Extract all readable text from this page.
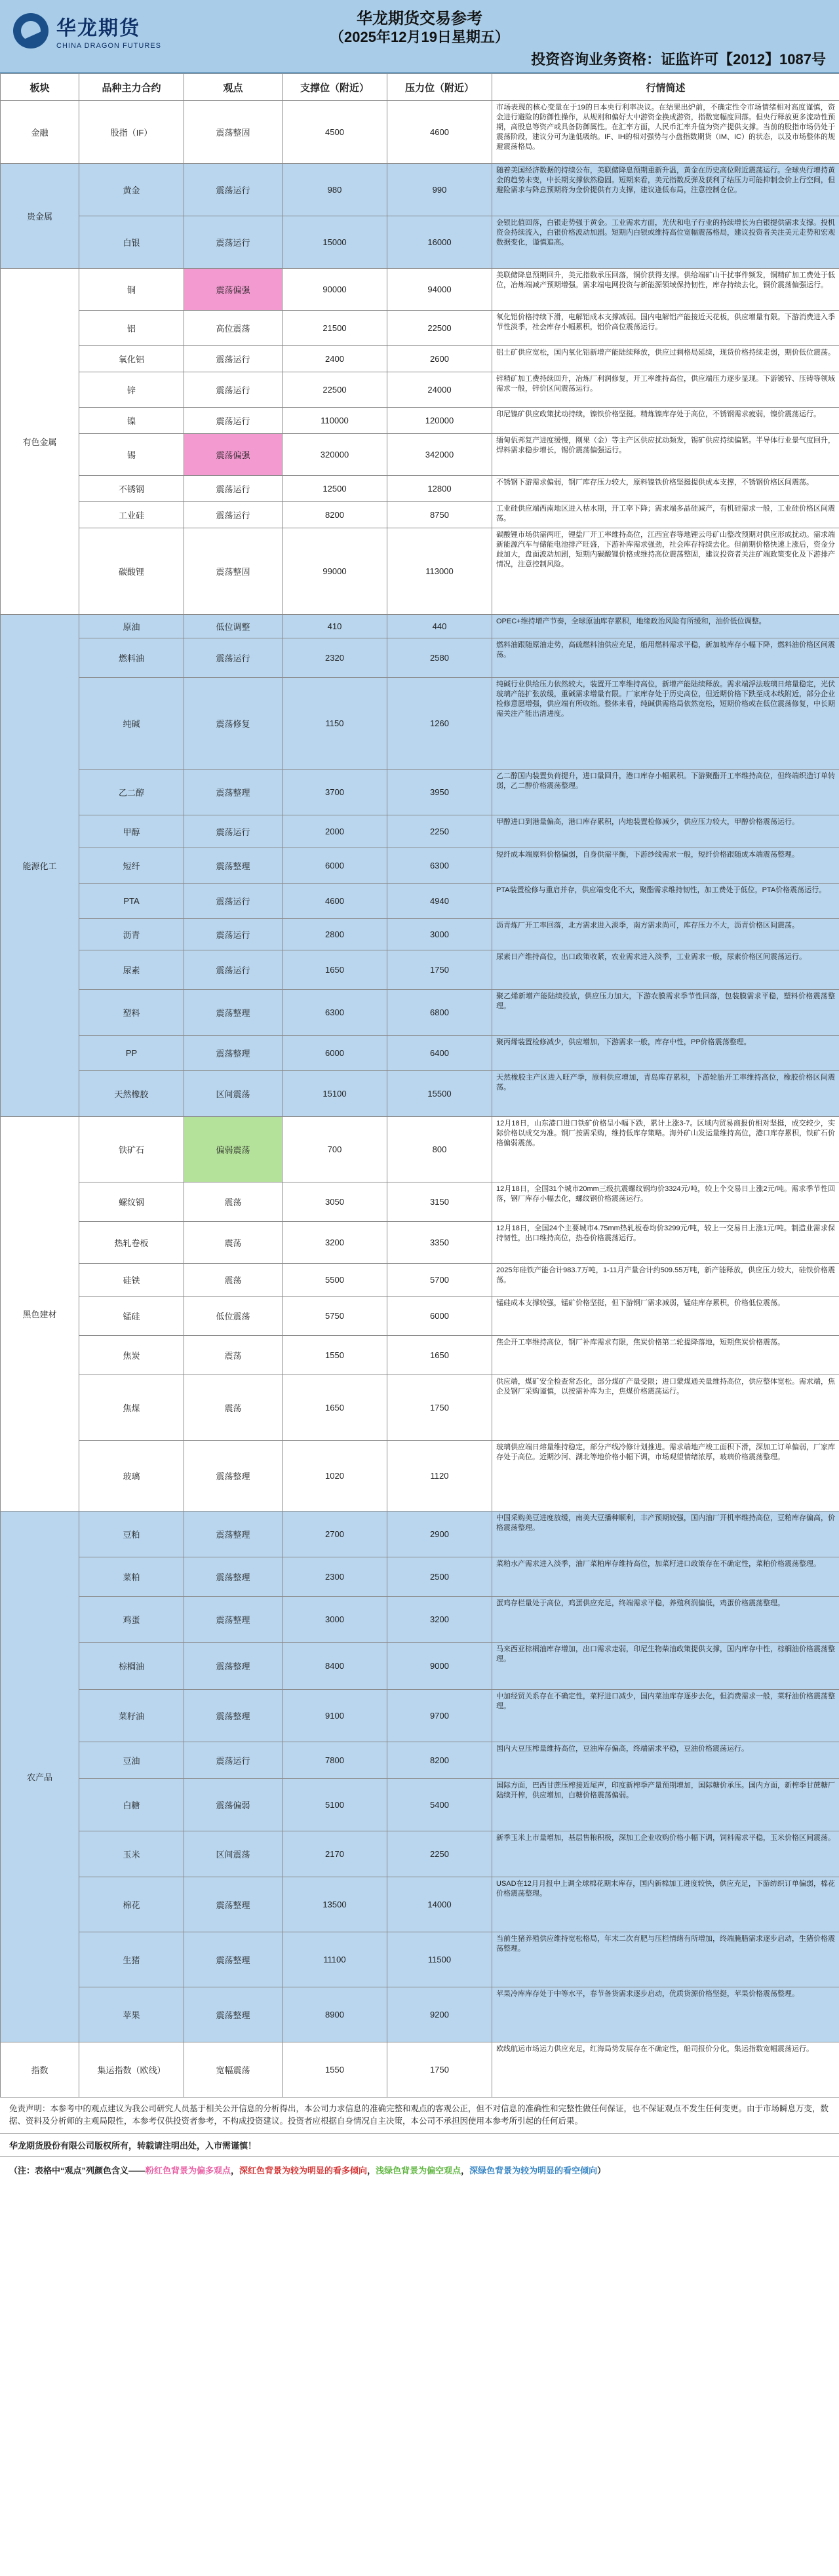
华龙期货
CHINA DRAGON FUTURES
华龙期货交易参考
（2025年12月19日星期五）
投资咨询业务资格：证监许可【2012】1087号
板块	品种主力合约	观点	支撑位（附近）	压力位（附近）	行情简述
金融	股指（IF）	震荡整固	4500	4600	市场表现的核心变量在于19的日本央行利率决议。在结果出炉前，不确定性令市场情绪相对高度谨慎，资金进行避险的防御性操作，从规则和偏好大中游资金换成游资，指数宽幅度回落。但央行释放更多流动性预期，高股息等资产或具备防御属性。在汇率方面，人民币汇率升值为资产提供支撑。当前的股指市场仍处于震荡阶段，建议分可为逢低吸纳。IF、IH的相对强势与小盘指数期货（IM、IC）的状态，以及市场整体的规避震荡格局。
贵金属	黄金	震荡运行	980	990	随着美国经济数据的持续公布，美联储降息预期重新升温，黄金在历史高位附近震荡运行。全球央行增持黄金的趋势未变，中长期支撑依然稳固。短期来看，美元指数反弹及获利了结压力可能抑制金价上行空间，但避险需求与降息预期将为金价提供有力支撑，建议逢低布局，注意控制仓位。
	白银	震荡运行	15000	16000	金银比值回落，白银走势强于黄金。工业需求方面，光伏和电子行业的持续增长为白银提供需求支撑。投机资金持续流入，白银价格波动加剧。短期内白银或维持高位宽幅震荡格局，建议投资者关注美元走势和宏观数据变化，谨慎追高。
有色金属	铜	震荡偏强	90000	94000	美联储降息预期回升，美元指数承压回落，铜价获得支撑。供给端矿山干扰事件频发，铜精矿加工费处于低位，冶炼端减产预期增强。需求端电网投资与新能源领域保持韧性，库存持续去化，铜价震荡偏强运行。
	铝	高位震荡	21500	22500	氧化铝价格持续下滑，电解铝成本支撑减弱。国内电解铝产能接近天花板，供应增量有限。下游消费进入季节性淡季，社会库存小幅累积，铝价高位震荡运行。
	氧化铝	震荡运行	2400	2600	铝土矿供应宽松，国内氧化铝新增产能陆续释放，供应过剩格局延续，现货价格持续走弱，期价低位震荡。
	锌	震荡运行	22500	24000	锌精矿加工费持续回升，冶炼厂利润修复，开工率维持高位，供应端压力逐步显现。下游镀锌、压铸等领域需求一般，锌价区间震荡运行。
	镍	震荡运行	110000	120000	印尼镍矿供应政策扰动持续，镍铁价格坚挺。精炼镍库存处于高位，不锈钢需求疲弱，镍价震荡运行。
	锡	震荡偏强	320000	342000	缅甸佤邦复产进度缓慢，刚果（金）等主产区供应扰动频发，锡矿供应持续偏紧。半导体行业景气度回升，焊料需求稳步增长，锡价震荡偏强运行。
	不锈钢	震荡运行	12500	12800	不锈钢下游需求偏弱，钢厂库存压力较大，原料镍铁价格坚挺提供成本支撑，不锈钢价格区间震荡。
	工业硅	震荡运行	8200	8750	工业硅供应端西南地区进入枯水期，开工率下降；需求端多晶硅减产，有机硅需求一般，工业硅价格区间震荡。
	碳酸锂	震荡整固	99000	113000	碳酸锂市场供需两旺，锂盐厂开工率维持高位，江西宜春等地锂云母矿山整改预期对供应形成扰动。需求端新能源汽车与储能电池排产旺盛，下游补库需求强劲，社会库存持续去化。但前期价格快速上涨后，资金分歧加大，盘面波动加剧，短期内碳酸锂价格或维持高位震荡整固，建议投资者关注矿端政策变化及下游排产情况，注意控制风险。
能源化工	原油	低位调整	410	440	OPEC+维持增产节奏，全球原油库存累积，地缘政治风险有所缓和，油价低位调整。
	燃料油	震荡运行	2320	2580	燃料油跟随原油走势，高硫燃料油供应充足，船用燃料需求平稳，新加坡库存小幅下降，燃料油价格区间震荡。
	纯碱	震荡修复	1150	1260	纯碱行业供给压力依然较大，装置开工率维持高位，新增产能陆续释放。需求端浮法玻璃日熔量稳定，光伏玻璃产能扩张放缓，重碱需求增量有限。厂家库存处于历史高位，但近期价格下跌至成本线附近，部分企业检修意愿增强，供应端有所收缩。整体来看，纯碱供需格局依然宽松，短期价格或在低位震荡修复，中长期需关注产能出清进度。
	乙二醇	震荡整理	3700	3950	乙二醇国内装置负荷提升，进口量回升，港口库存小幅累积。下游聚酯开工率维持高位，但终端织造订单转弱，乙二醇价格震荡整理。
	甲醇	震荡运行	2000	2250	甲醇进口到港量偏高，港口库存累积，内地装置检修减少，供应压力较大，甲醇价格震荡运行。
	短纤	震荡整理	6000	6300	短纤成本端原料价格偏弱，自身供需平衡，下游纱线需求一般，短纤价格跟随成本端震荡整理。
	PTA	震荡运行	4600	4940	PTA装置检修与重启并存，供应端变化不大，聚酯需求维持韧性，加工费处于低位，PTA价格震荡运行。
	沥青	震荡运行	2800	3000	沥青炼厂开工率回落，北方需求进入淡季，南方需求尚可，库存压力不大，沥青价格区间震荡。
	尿素	震荡运行	1650	1750	尿素日产维持高位，出口政策收紧，农业需求进入淡季，工业需求一般，尿素价格区间震荡运行。
	塑料	震荡整理	6300	6800	聚乙烯新增产能陆续投放，供应压力加大，下游农膜需求季节性回落，包装膜需求平稳，塑料价格震荡整理。
	PP	震荡整理	6000	6400	聚丙烯装置检修减少，供应增加，下游需求一般，库存中性，PP价格震荡整理。
	天然橡胶	区间震荡	15100	15500	天然橡胶主产区进入旺产季，原料供应增加，青岛库存累积，下游轮胎开工率维持高位，橡胶价格区间震荡。
黑色建材	铁矿石	偏弱震荡	700	800	12月18日，山东港口进口铁矿价格呈小幅下跌，累计上涨3-7。区域内贸易商报价相对坚挺，成交较少，实际价格以成交为准。钢厂按需采购，维持低库存策略。海外矿山发运量维持高位，港口库存累积，铁矿石价格偏弱震荡。
	螺纹钢	震荡	3050	3150	12月18日，全国31个城市20mm三级抗震螺纹钢均价3324元/吨，较上个交易日上涨2元/吨。需求季节性回落，钢厂库存小幅去化，螺纹钢价格震荡运行。
	热轧卷板	震荡	3200	3350	12月18日，全国24个主要城市4.75mm热轧板卷均价3299元/吨，较上一交易日上涨1元/吨。制造业需求保持韧性，出口维持高位，热卷价格震荡运行。
	硅铁	震荡	5500	5700	2025年硅铁产能合计983.7万吨，1-11月产量合计约509.55万吨，新产能释放，供应压力较大，硅铁价格震荡。
	锰硅	低位震荡	5750	6000	锰硅成本支撑较强，锰矿价格坚挺，但下游钢厂需求减弱，锰硅库存累积，价格低位震荡。
	焦炭	震荡	1550	1650	焦企开工率维持高位，钢厂补库需求有限，焦炭价格第二轮提降落地，短期焦炭价格震荡。
	焦煤	震荡	1650	1750	供应端，煤矿安全检查常态化，部分煤矿产量受限；进口蒙煤通关量维持高位，供应整体宽松。需求端，焦企及钢厂采购谨慎，以按需补库为主，焦煤价格震荡运行。
	玻璃	震荡整理	1020	1120	玻璃供应端日熔量维持稳定，部分产线冷修计划推进。需求端地产竣工面积下滑，深加工订单偏弱，厂家库存处于高位。近期沙河、湖北等地价格小幅下调，市场观望情绪浓厚，玻璃价格震荡整理。
农产品	豆粕	震荡整理	2700	2900	中国采购美豆进度放缓，南美大豆播种顺利，丰产预期较强，国内油厂开机率维持高位，豆粕库存偏高，价格震荡整理。
	菜粕	震荡整理	2300	2500	菜粕水产需求进入淡季，油厂菜粕库存维持高位，加菜籽进口政策存在不确定性，菜粕价格震荡整理。
	鸡蛋	震荡整理	3000	3200	蛋鸡存栏量处于高位，鸡蛋供应充足，终端需求平稳，养殖利润偏低，鸡蛋价格震荡整理。
	棕榈油	震荡整理	8400	9000	马来西亚棕榈油库存增加，出口需求走弱，印尼生物柴油政策提供支撑，国内库存中性，棕榈油价格震荡整理。
	菜籽油	震荡整理	9100	9700	中加经贸关系存在不确定性，菜籽进口减少，国内菜油库存逐步去化，但消费需求一般，菜籽油价格震荡整理。
	豆油	震荡运行	7800	8200	国内大豆压榨量维持高位，豆油库存偏高，终端需求平稳，豆油价格震荡运行。
	白糖	震荡偏弱	5100	5400	国际方面，巴西甘蔗压榨接近尾声，印度新榨季产量预期增加，国际糖价承压。国内方面，新榨季甘蔗糖厂陆续开榨，供应增加，白糖价格震荡偏弱。
	玉米	区间震荡	2170	2250	新季玉米上市量增加，基层售粮积极，深加工企业收购价格小幅下调，饲料需求平稳，玉米价格区间震荡。
	棉花	震荡整理	13500	14000	USAD在12月月报中上调全球棉花期末库存，国内新棉加工进度较快，供应充足，下游纺织订单偏弱，棉花价格震荡整理。
	生猪	震荡整理	11100	11500	当前生猪养殖供应维持宽松格局，年末二次育肥与压栏情绪有所增加，终端腌腊需求逐步启动，生猪价格震荡整理。
	苹果	震荡整理	8900	9200	苹果冷库库存处于中等水平，春节备货需求逐步启动，优质货源价格坚挺，苹果价格震荡整理。
指数	集运指数（欧线）	宽幅震荡	1550	1750	欧线航运市场运力供应充足，红海局势发展存在不确定性，船司报价分化，集运指数宽幅震荡运行。
免责声明：本参考中的观点建议为我公司研究人员基于相关公开信息的分析得出，本公司力求信息的准确完整和观点的客观公正，但不对信息的准确性和完整性做任何保证，也不保证观点不发生任何变更。由于市场瞬息万变，数据、资料及分析师的主观局限性，本参考仅供投资者参考，不构成投资建议。投资者应根据自身情况自主决策，本公司不承担因使用本参考所引起的任何后果。
华龙期货股份有限公司版权所有，转载请注明出处，入市需谨慎！
（注：表格中“观点”列颜色含义——粉红色背景为偏多观点，深红色背景为较为明显的看多倾向，浅绿色背景为偏空观点，深绿色背景为较为明显的看空倾向）
